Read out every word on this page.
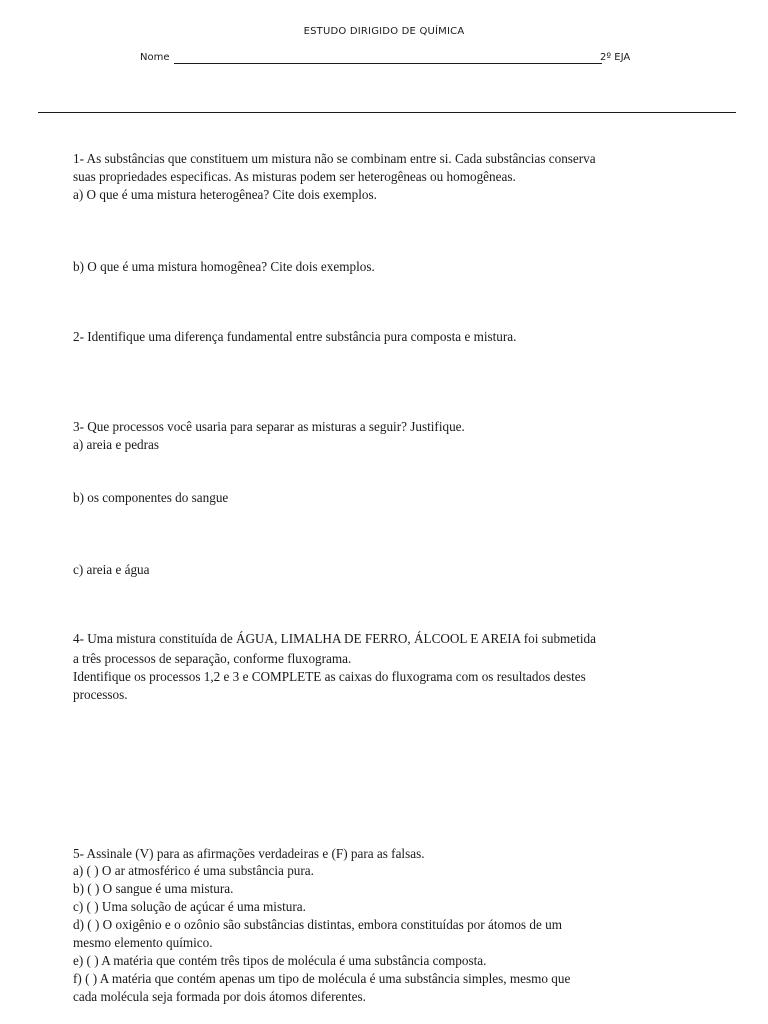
ESTUDO DIRIGIDO DE QUÍMICA
Nome	2º EJA
1- As substâncias que constituem um mistura não se combinam entre si. Cada substâncias conserva
suas propriedades especificas. As misturas podem ser heterogêneas ou homogêneas.
a) O que é uma mistura heterogênea? Cite dois exemplos.
b) O que é uma mistura homogênea? Cite dois exemplos.
2- Identifique uma diferença fundamental entre substância pura composta e mistura.
3- Que processos você usaria para separar as misturas a seguir? Justifique.
a) areia e pedras
b) os componentes do sangue
c) areia e água
4- Uma mistura constituída de ÁGUA, LIMALHA DE FERRO, ÁLCOOL E AREIA foi submetida
a três processos de separação, conforme fluxograma.
Identifique os processos 1,2 e 3 e COMPLETE as caixas do fluxograma com os resultados destes
processos.
5- Assinale (V) para as afirmações verdadeiras e (F) para as falsas.
a) ( ) O ar atmosférico é uma substância pura.
b) ( ) O sangue é uma mistura.
c) ( ) Uma solução de açúcar é uma mistura.
d) ( ) O oxigênio e o ozônio são substâncias distintas, embora constituídas por átomos de um
mesmo elemento químico.
e) ( ) A matéria que contém três tipos de molécula é uma substância composta.
f) ( ) A matéria que contém apenas um tipo de molécula é uma substância simples, mesmo que
cada molécula seja formada por dois átomos diferentes.
